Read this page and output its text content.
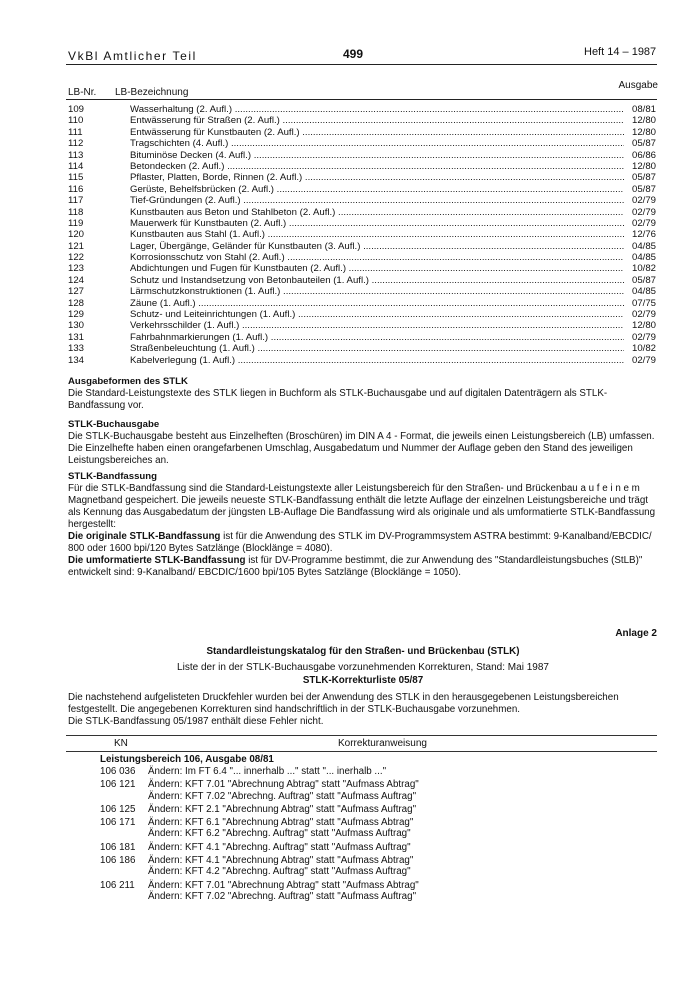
VkBl Amtlicher Teil	499	Heft 14 – 1987
LB-Nr. LB-Bezeichnung
Ausgabe
109	Wasserhaltung (2. Aufl.) .....	08/81
110	Entwässerung für Straßen (2. Aufl.) .....	12/80
111	Entwässerung für Kunstbauten (2. Aufl.) .....	12/80
112	Tragschichten (4. Aufl.) .....	05/87
113	Bituminöse Decken (4. Aufl.) .....	06/86
114	Betondecken (2. Aufl.) .....	12/80
115	Pflaster, Platten, Borde, Rinnen (2. Aufl.) .....	05/87
116	Gerüste, Behelfsbrücken (2. Aufl.) .....	05/87
117	Tief-Gründungen (2. Aufl.) .....	02/79
118	Kunstbauten aus Beton und Stahlbeton (2. Aufl.) .....	02/79
119	Mauerwerk für Kunstbauten (2. Aufl.) .....	02/79
120	Kunstbauten aus Stahl (1. Aufl.) .....	12/76
121	Lager, Übergänge, Geländer für Kunstbauten (3. Aufl.) .....	04/85
122	Korrosionsschutz von Stahl (2. Aufl.) .....	04/85
123	Abdichtungen und Fugen für Kunstbauten (2. Aufl.) .....	10/82
124	Schutz und Instandsetzung von Betonbauteilen (1. Aufl.) .....	05/87
127	Lärmschutzkonstruktionen (1. Aufl.) .....	04/85
128	Zäune (1. Aufl.) .....	07/75
129	Schutz- und Leiteinrichtungen (1. Aufl.) .....	02/79
130	Verkehrsschilder (1. Aufl.) .....	12/80
131	Fahrbahnmarkierungen (1. Aufl.) .....	02/79
133	Straßenbeleuchtung (1. Aufl.) .....	10/82
134	Kabelverlegung (1. Aufl.) .....	02/79
Ausgabeformen des STLK

Die Standard-Leistungstexte des STLK liegen in Buchform als STLK-Buchausgabe und auf digitalen Datenträgern als STLK-Bandfassung vor.

STLK-Buchausgabe

Die STLK-Buchausgabe besteht aus Einzelheften (Broschüren) im DIN A 4 - Format, die jeweils einen Leistungsbereich (LB) umfassen. Die Einzelhefte haben einen orangefarbenen Umschlag, Ausgabedatum und Nummer der Auflage geben den Stand des jeweiligen Leistungsbereiches an.

STLK-Bandfassung

Für die STLK-Bandfassung sind die Standard-Leistungstexte aller Leistungsbereich für den Straßen- und Brückenbau a u f e i n e m Magnetband gespeichert. Die jeweils neueste STLK-Bandfassung enthält die letzte Auflage der einzelnen Leistungsbereiche und trägt als Kennung das Ausgabedatum der jüngsten LB-Auflage Die Bandfassung wird als originale und als umformatierte STLK-Bandfassung hergestellt:

Die originale STLK-Bandfassung ist für die Anwendung des STLK im DV-Programmsystem ASTRA bestimmt: 9-Kanalband/EBCDIC/ 800 oder 1600 bpi/120 Bytes Satzlänge (Blocklänge = 4080).

Die umformatierte STLK-Bandfassung ist für DV-Programme bestimmt, die zur Anwendung des "Standardleistungsbuches (StLB)" entwickelt sind: 9-Kanalband/ EBCDIC/1600 bpi/105 Bytes Satzlänge (Blocklänge = 1050).

Anlage 2
Standardleistungskatalog für den Straßen- und Brückenbau (STLK)
Liste der in der STLK-Buchausgabe vorzunehmenden Korrekturen, Stand: Mai 1987
STLK-Korrekturliste 05/87

Die nachstehend aufgelisteten Druckfehler wurden bei der Anwendung des STLK in den herausgegebenen Leistungsbereichen festgestellt. Die angegebenen Korrekturen sind handschriftlich in der STLK-Buchausgabe vorzunehmen.

Die STLK-Bandfassung 05/1987 enthält diese Fehler nicht.

KN	Korrekturanweisung
Leistungsbereich 106, Ausgabe 08/81
106 036 Ändern: Im FT 6.4 "... innerhalb ..." statt "... inerhalb ..."
106 121 Ändern: KFT 7.01 "Abrechnung Abtrag" statt "Aufmass Abtrag"
Ändern: KFT 7.02 "Abrechng. Auftrag" statt "Aufmass Auftrag"
106 125 Ändern: KFT 2.1 "Abrechnung Abtrag" statt "Aufmass Auftrag"
106 171 Ändern: KFT 6.1 "Abrechnung Abtrag" statt "Aufmass Abtrag"
Ändern: KFT 6.2 "Abrechng. Auftrag" statt "Aufmass Auftrag"
106 181 Ändern: KFT 4.1 "Abrechng. Auftrag" statt "Aufmass Auftrag"
106 186 Ändern: KFT 4.1 "Abrechnung Abtrag" statt "Aufmass Abtrag"
Ändern: KFT 4.2 "Abrechng. Auftrag" statt "Aufmass Auftrag"
106 211 Ändern: KFT 7.01 "Abrechnung Abtrag" statt "Aufmass Abtrag"
Ändern: KFT 7.02 "Abrechng. Auftrag" statt "Aufmass Auftrag"
